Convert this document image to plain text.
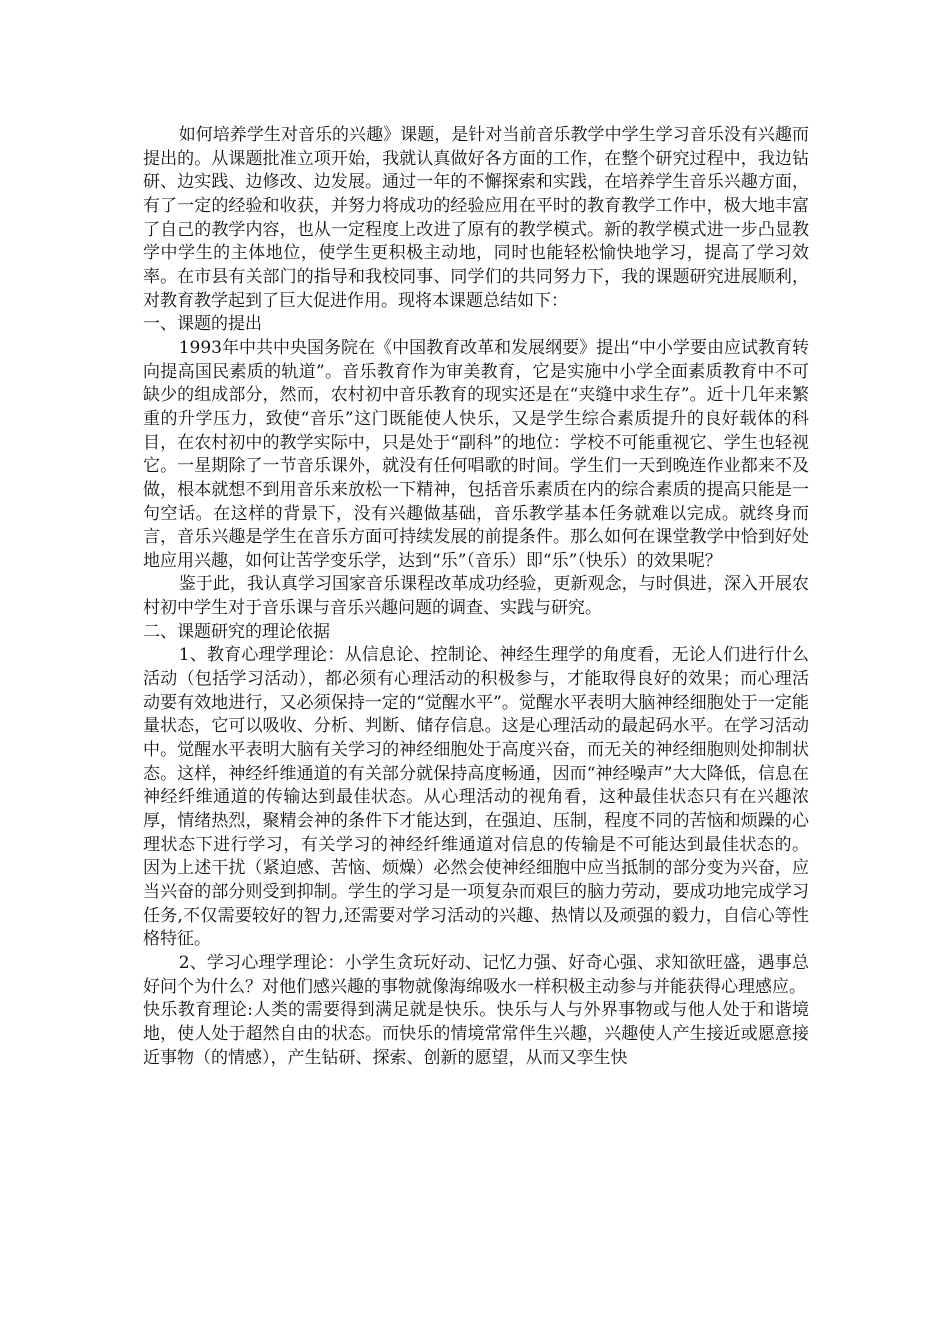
如何培养学生对音乐的兴趣》课题，是针对当前音乐教学中学生学习音乐没有兴趣而提出的。从课题批准立项开始，我就认真做好各方面的工作，在整个研究过程中，我边钻研、边实践、边修改、边发展。通过一年的不懈探索和实践，在培养学生音乐兴趣方面，有了一定的经验和收获，并努力将成功的经验应用在平时的教育教学工作中，极大地丰富了自己的教学内容，也从一定程度上改进了原有的教学模式。新的教学模式进一步凸显教学中学生的主体地位，使学生更积极主动地，同时也能轻松愉快地学习，提高了学习效率。在市县有关部门的指导和我校同事、同学们的共同努力下，我的课题研究进展顺利，对教育教学起到了巨大促进作用。现将本课题总结如下：

一、课题的提出

1993年中共中央国务院在《中国教育改革和发展纲要》提出“中小学要由应试教育转向提高国民素质的轨道”。音乐教育作为审美教育，它是实施中小学全面素质教育中不可缺少的组成部分，然而，农村初中音乐教育的现实还是在“夹缝中求生存”。近十几年来繁重的升学压力，致使“音乐”这门既能使人快乐，又是学生综合素质提升的良好载体的科目，在农村初中的教学实际中，只是处于“副科”的地位：学校不可能重视它、学生也轻视它。一星期除了一节音乐课外，就没有任何唱歌的时间。学生们一天到晚连作业都来不及做，根本就想不到用音乐来放松一下精神，包括音乐素质在内的综合素质的提高只能是一句空话。在这样的背景下，没有兴趣做基础，音乐教学基本任务就难以完成。就终身而言，音乐兴趣是学生在音乐方面可持续发展的前提条件。那么如何在课堂教学中恰到好处地应用兴趣，如何让苦学变乐学，达到“乐”（音乐）即“乐”（快乐）的效果呢？

鉴于此，我认真学习国家音乐课程改革成功经验，更新观念，与时俱进，深入开展农村初中学生对于音乐课与音乐兴趣问题的调查、实践与研究。

二、课题研究的理论依据

1、教育心理学理论：从信息论、控制论、神经生理学的角度看，无论人们进行什么活动（包括学习活动），都必须有心理活动的积极参与，才能取得良好的效果；而心理活动要有效地进行，又必须保持一定的“觉醒水平”。觉醒水平表明大脑神经细胞处于一定能量状态，它可以吸收、分析、判断、储存信息。这是心理活动的最起码水平。在学习活动中。觉醒水平表明大脑有关学习的神经细胞处于高度兴奋，而无关的神经细胞则处抑制状态。这样，神经纤维通道的有关部分就保持高度畅通，因而“神经噪声”大大降低，信息在神经纤维通道的传输达到最佳状态。从心理活动的视角看，这种最佳状态只有在兴趣浓厚，情绪热烈，聚精会神的条件下才能达到，在强迫、压制，程度不同的苦恼和烦躁的心理状态下进行学习，有关学习的神经纤维通道对信息的传输是不可能达到最佳状态的。 因为上述干扰（紧迫感、苦恼、烦燥）必然会使神经细胞中应当抵制的部分变为兴奋，应当兴奋的部分则受到抑制。学生的学习是一项复杂而艰巨的脑力劳动，要成功地完成学习任务,不仅需要较好的智力,还需要对学习活动的兴趣、热情以及顽强的毅力，自信心等性格特征。

2、学习心理学理论：小学生贪玩好动、记忆力强、好奇心强、求知欲旺盛，遇事总好问个为什么？对他们感兴趣的事物就像海绵吸水一样积极主动参与并能获得心理感应。

快乐教育理论:人类的需要得到满足就是快乐。快乐与人与外界事物或与他人处于和谐境地，使人处于超然自由的状态。而快乐的情境常常伴生兴趣，兴趣使人产生接近或愿意接近事物（的情感），产生钻研、探索、创新的愿望，从而又孪生快
